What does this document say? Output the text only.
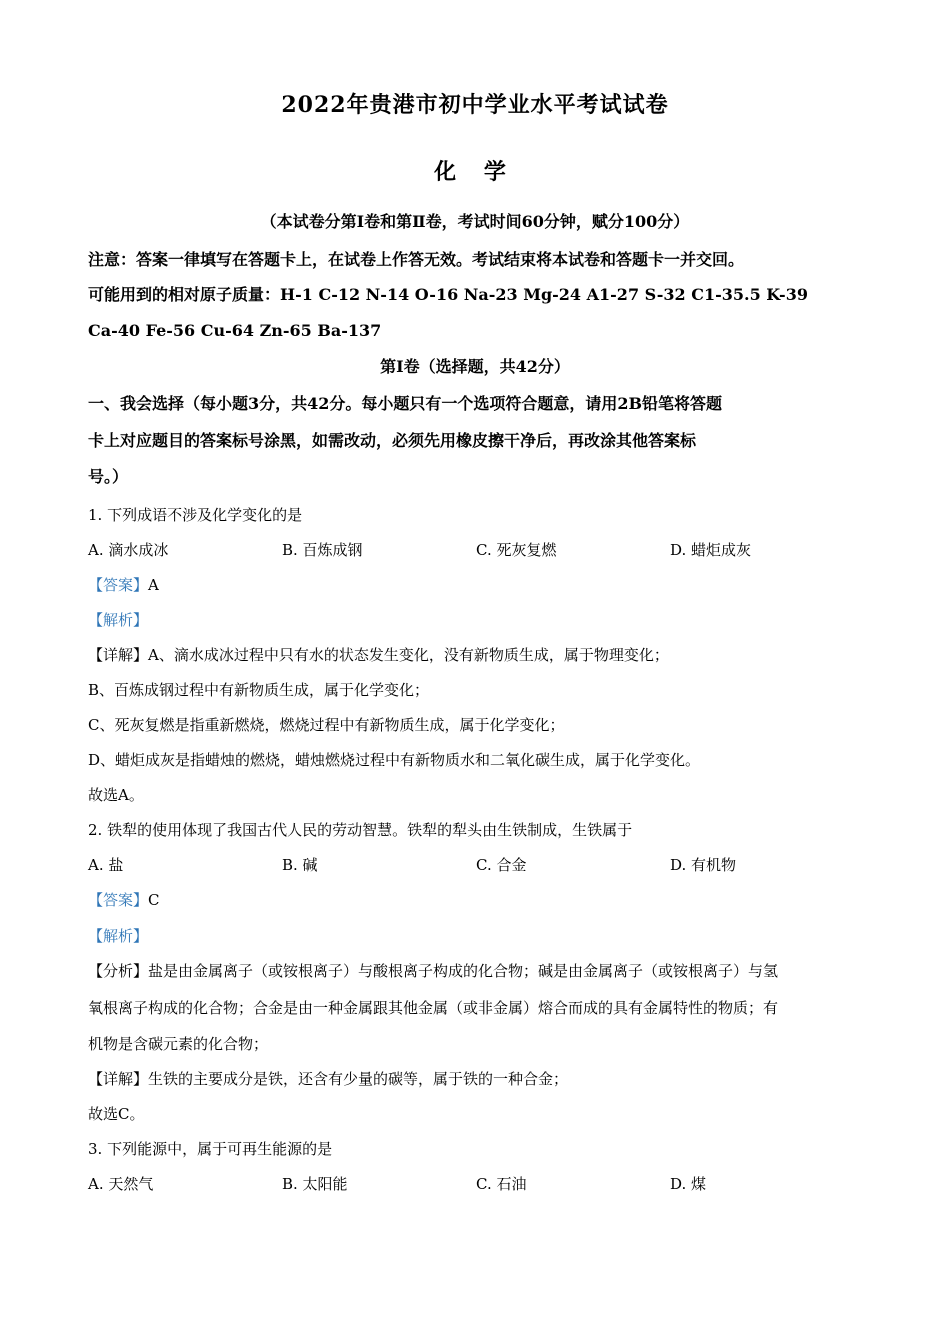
2022年贵港市初中学业水平考试试卷
化 学
（本试卷分第I卷和第Ⅱ卷，考试时间60分钟，赋分100分）
注意：答案一律填写在答题卡上，在试卷上作答无效。考试结束将本试卷和答题卡一并交回。
可能用到的相对原子质量：H-1 C-12 N-14 O-16 Na-23 Mg-24 A1-27 S-32 C1-35.5 K-39
Ca-40 Fe-56 Cu-64 Zn-65 Ba-137
第I卷（选择题，共42分）
一、我会选择（每小题3分，共42分。每小题只有一个选项符合题意，请用2B铅笔将答题
卡上对应题目的答案标号涂黑，如需改动，必须先用橡皮擦干净后，再改涂其他答案标
号。）
1. 下列成语不涉及化学变化的是
A. 滴水成冰	B. 百炼成钢	C. 死灰复燃	D. 蜡炬成灰
【答案】A
【解析】
【详解】A、滴水成冰过程中只有水的状态发生变化，没有新物质生成，属于物理变化；
B、百炼成钢过程中有新物质生成，属于化学变化；
C、死灰复燃是指重新燃烧，燃烧过程中有新物质生成，属于化学变化；
D、蜡炬成灰是指蜡烛的燃烧，蜡烛燃烧过程中有新物质水和二氧化碳生成，属于化学变化。
故选A。
2. 铁犁的使用体现了我国古代人民的劳动智慧。铁犁的犁头由生铁制成，生铁属于
A. 盐	B. 碱	C. 合金	D. 有机物
【答案】C
【解析】
【分析】盐是由金属离子（或铵根离子）与酸根离子构成的化合物；碱是由金属离子（或铵根离子）与氢
氧根离子构成的化合物；合金是由一种金属跟其他金属（或非金属）熔合而成的具有金属特性的物质；有
机物是含碳元素的化合物；
【详解】生铁的主要成分是铁，还含有少量的碳等，属于铁的一种合金；
故选C。
3. 下列能源中，属于可再生能源的是
A. 天然气	B. 太阳能	C. 石油	D. 煤
